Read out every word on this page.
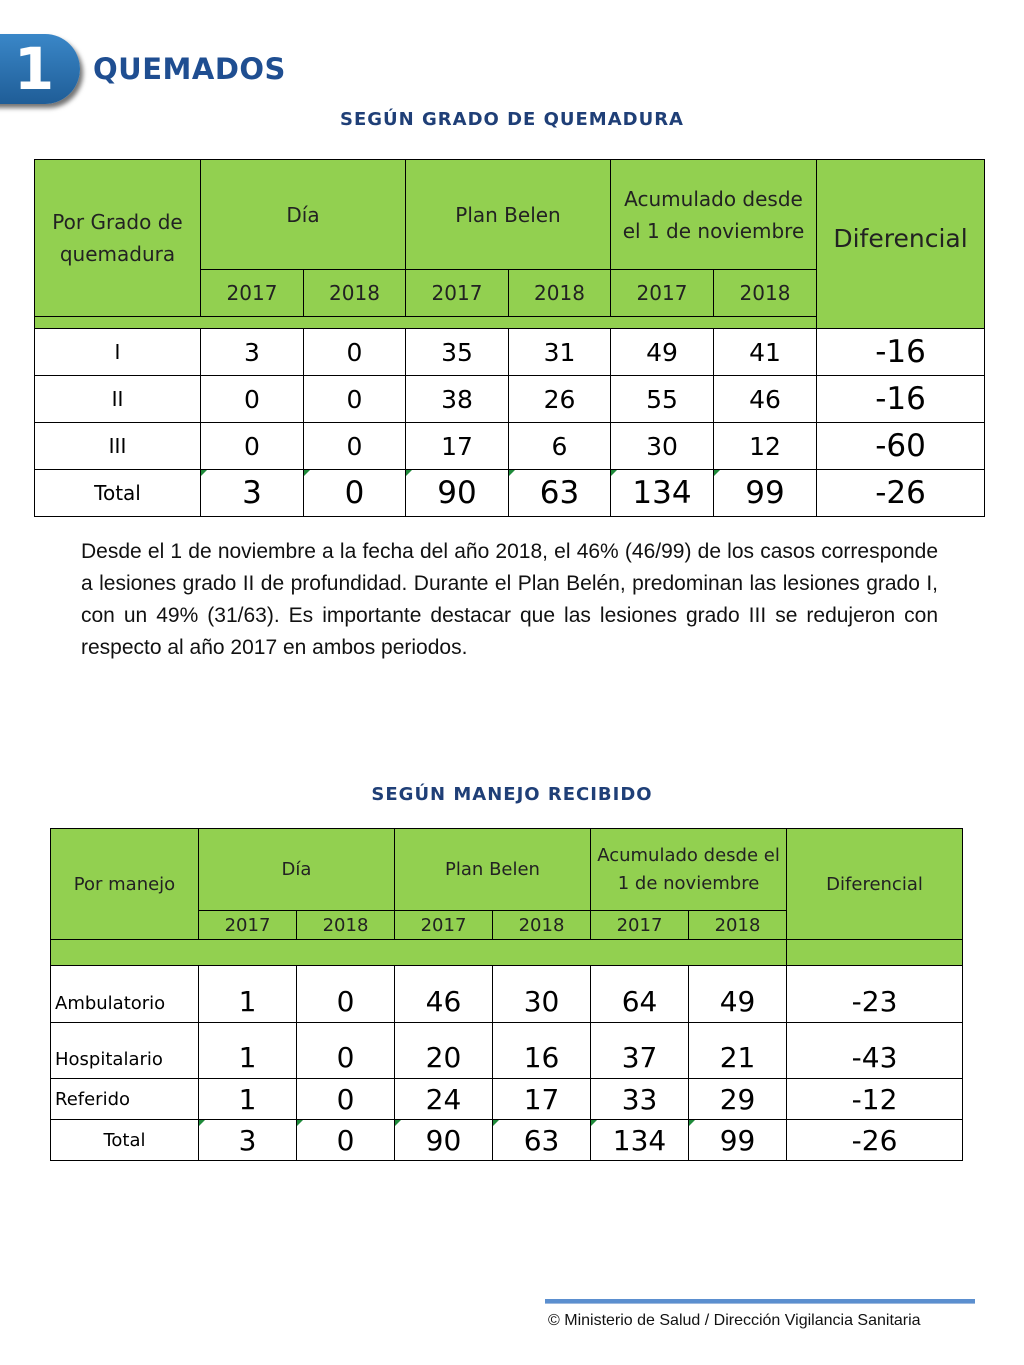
1	QUEMADOS
SEGÚN GRADO DE QUEMADURA
Por Grado de quemadura	Día		Plan Belen		Acumulado desde el 1 de noviembre		Diferencial
	2017	2018	2017	2018	2017	2018	

I	3	0	35	31	49	41	-16
II	0	0	38	26	55	46	-16
III	0	0	17	6	30	12	-60
Total	3	0	90	63	134	99	-26
Desde el 1 de noviembre a la fecha del año 2018, el 46% (46/99) de los casos corresponde a lesiones grado II de profundidad. Durante el Plan Belén, predominan las lesiones grado I, con un 49% (31/63). Es importante destacar que las lesiones grado III se redujeron con respecto al año 2017 en ambos periodos.
SEGÚN MANEJO RECIBIDO
Por manejo	Día		Plan Belen		Acumulado desde el 1 de noviembre		Diferencial
	2017	2018	2017	2018	2017	2018	

Ambulatorio	1	0	46	30	64	49	-23
Hospitalario	1	0	20	16	37	21	-43
Referido	1	0	24	17	33	29	-12
Total	3	0	90	63	134	99	-26
© Ministerio de Salud / Dirección Vigilancia Sanitaria
